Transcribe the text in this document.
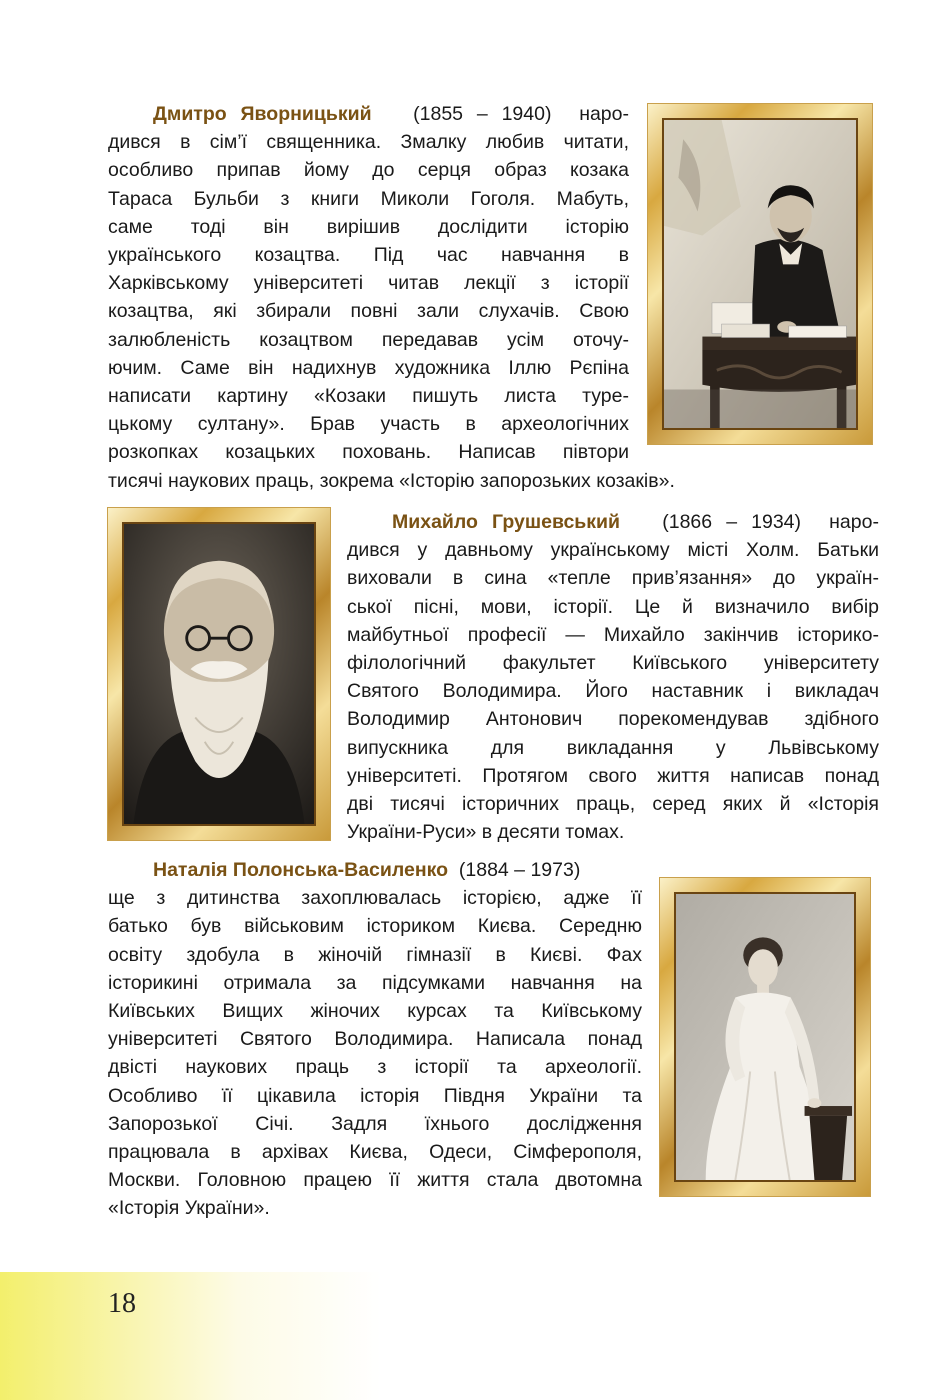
Дмитро Яворницький (1855 – 1940) наро-
дився в сім’ї священника. Змалку любив читати,
особливо припав йому до серця образ козака
Тараса Бульби з книги Миколи Гоголя. Мабуть,
саме тоді він вирішив дослідити історію
українського козацтва. Під час навчання в
Харківському університеті читав лекції з історії
козацтва, які збирали повні зали слухачів. Свою
залюбленість козацтвом передавав усім оточу-
ючим. Саме він надихнув художника Іллю Рєпіна
написати картину «Козаки пишуть листа туре-
цькому султану». Брав участь в археологічних
розкопках козацьких поховань. Написав півтори
тисячі наукових праць, зокрема «Історію запорозьких козаків».
Михайло Грушевський (1866 – 1934) наро-
дився у давньому українському місті Холм. Батьки
виховали в сина «тепле прив’язання» до україн-
ської пісні, мови, історії. Це й визначило вибір
майбутньої професії — Михайло закінчив історико-
філологічний факультет Київського університету
Святого Володимира. Його наставник і викладач
Володимир Антонович порекомендував здібного
випускника для викладання у Львівському
університеті. Протягом свого життя написав понад
дві тисячі історичних праць, серед яких й «Історія
України-Руси» в десяти томах.
Наталія Полонська-Василенко (1884 – 1973)
ще з дитинства захоплювалась історією, адже її
батько був військовим істориком Києва. Середню
освіту здобула в жіночій гімназії в Києві. Фах
історикині отримала за підсумками навчання на
Київських Вищих жіночих курсах та Київському
університеті Святого Володимира. Написала понад
двісті наукових праць з історії та археології.
Особливо її цікавила історія Півдня України та
Запорозької Січі. Задля їхнього дослідження
працювала в архівах Києва, Одеси, Сімферополя,
Москви. Головною працею її життя стала двотомна
«Історія України».
18
